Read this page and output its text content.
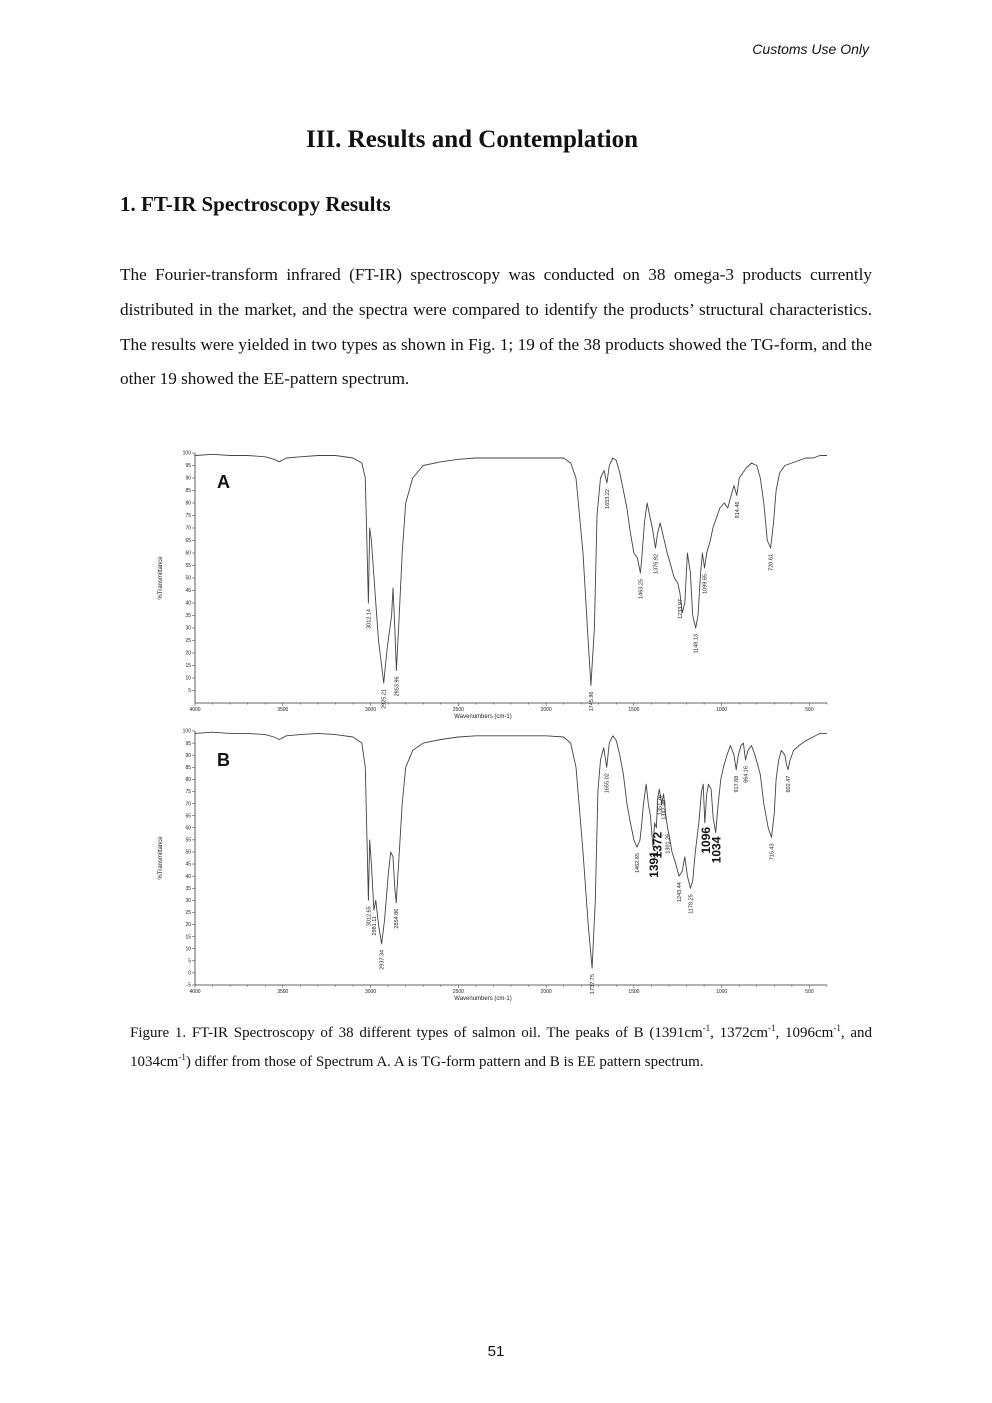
Customs Use Only
III. Results and Contemplation
1. FT-IR Spectroscopy Results

The Fourier-transform infrared (FT-IR) spectroscopy was conducted on 38 omega-3 products currently distributed in the market, and the spectra were compared to identify the products’ structural characteristics. The results were yielded in two types as shown in Fig. 1; 19 of the 38 products showed the TG-form, and the other 19 showed the EE-pattern spectrum.

100
95
90
85
80
75
70
65
60
55
50
45
40
35
30
25
20
15
10
5
4000	3500	3000	2500	2000	1500	1000	500
Wavenumbers (cm-1)
%Transmittance
A
3012.14
2925.21
2853.96
1745.96
1653.22
1463.25
1376.92
1233.97
1148.13
1099.65
914.46
720.61
100
95
90
85
80
75
70
65
60
55
50
45
40
35
30
25
20
15
10
5
0
-5
4000	3500	3000	2500	2000	1500	1000	500
Wavenumbers (cm-1)
%Transmittance
B
3012.65 2981.11
2937.34
2854.86
1737.75
1655.02
1462.85
1351.76
1342.39
1301.26
1243.44
1178.25
917.88
864.16
715.43
602.47
1391
1372	1096
1034

Figure 1. FT-IR Spectroscopy of 38 different types of salmon oil. The peaks of B ($1391cm^{-1}$, $1372cm^{-1}$, $1096cm^{-1}$, and $1034cm^{-1}$) differ from those of Spectrum A. A is TG-form pattern and B is EE pattern spectrum.

51
